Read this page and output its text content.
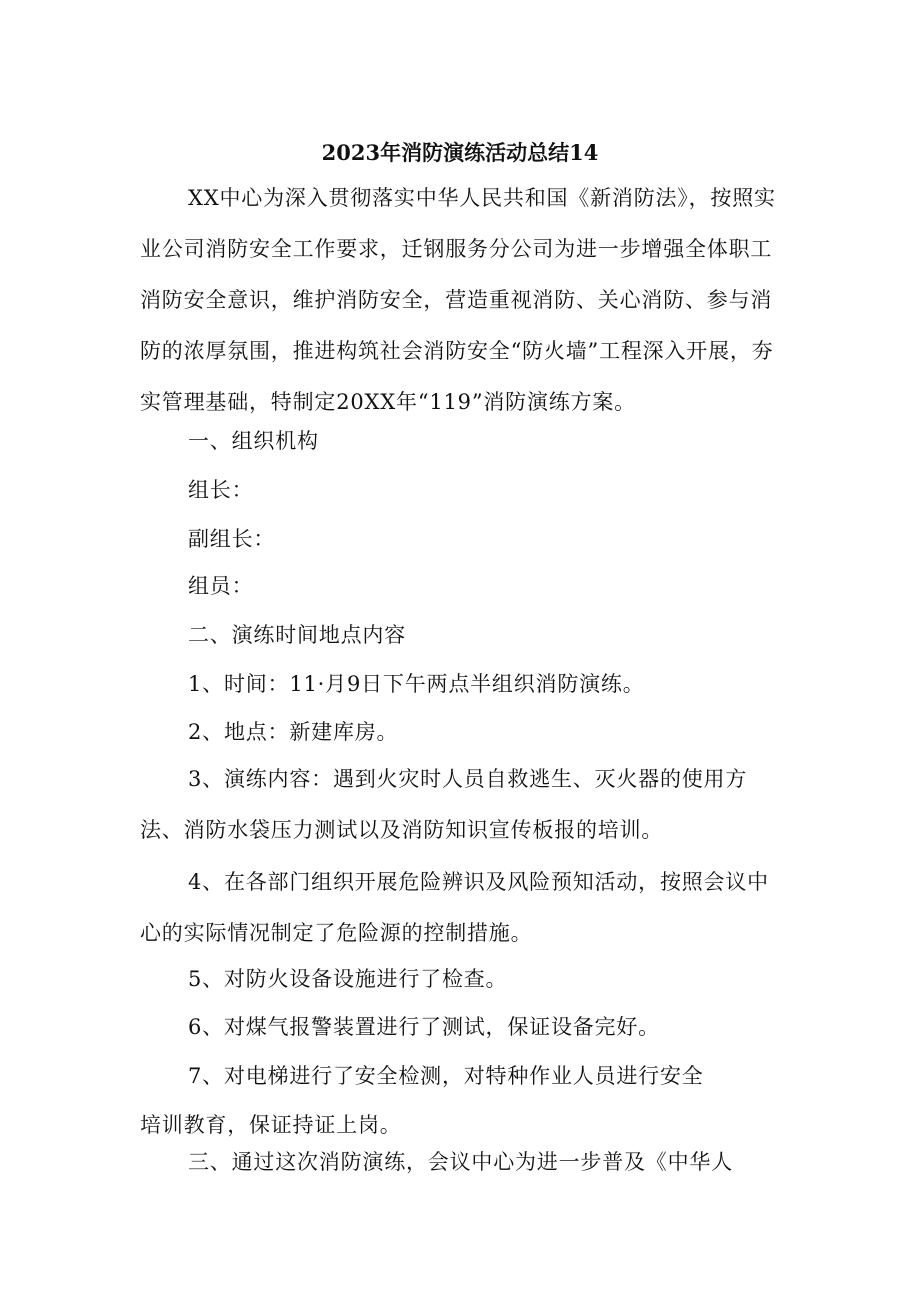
2023年消防演练活动总结14

XX中心为深入贯彻落实中华人民共和国《新消防法》，按照实业公司消防安全工作要求，迁钢服务分公司为进一步增强全体职工消防安全意识，维护消防安全，营造重视消防、关心消防、参与消防的浓厚氛围，推进构筑社会消防安全“防火墙”工程深入开展，夯实管理基础，特制定20XX年“119”消防演练方案。

一、组织机构

组长：

副组长：

组员：

二、演练时间地点内容

1、时间：11·月9日下午两点半组织消防演练。

2、地点：新建库房。

3、演练内容：遇到火灾时人员自救逃生、灭火器的使用方法、消防水袋压力测试以及消防知识宣传板报的培训。

4、在各部门组织开展危险辨识及风险预知活动，按照会议中心的实际情况制定了危险源的控制措施。

5、对防火设备设施进行了检查。

6、对煤气报警装置进行了测试，保证设备完好。

7、对电梯进行了安全检测，对特种作业人员进行安全

培训教育，保证持证上岗。

三、通过这次消防演练，会议中心为进一步普及《中华人
